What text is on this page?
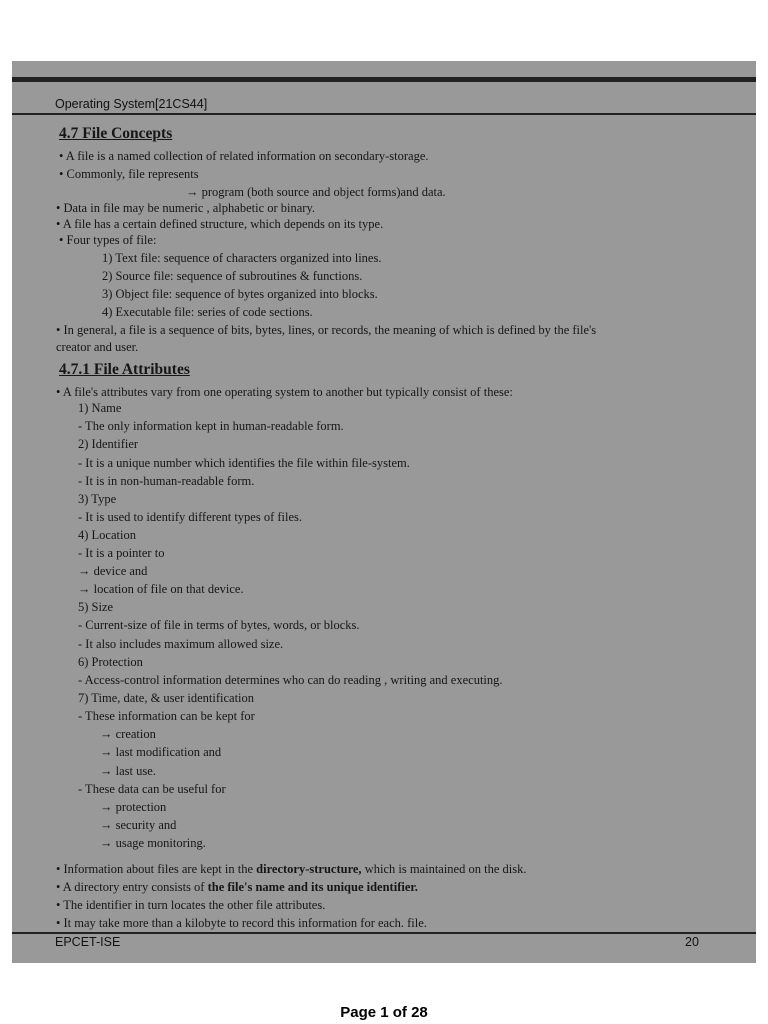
Operating System[21CS44]
4.7 File Concepts
• A file is a named collection of related information on secondary-storage.
• Commonly, file represents
→ program (both source and object forms)and data.
• Data in file may be numeric , alphabetic or binary.
• A file has a certain defined structure, which depends on its type.
• Four types of file:
1) Text file: sequence of characters organized into lines.
2) Source file: sequence of subroutines & functions.
3) Object file: sequence of bytes organized into blocks.
4) Executable file: series of code sections.
• In general, a file is a sequence of bits, bytes, lines, or records, the meaning of which is defined by the file's
creator and user.
4.7.1 File Attributes
• A file's attributes vary from one operating system to another but typically consist of these:
1) Name
- The only information kept in human-readable form.
2) Identifier
- It is a unique number which identifies the file within file-system.
- It is in non-human-readable form.
3) Type
- It is used to identify different types of files.
4) Location
- It is a pointer to
→ device and
→ location of file on that device.
5) Size
- Current-size of file in terms of bytes, words, or blocks.
- It also includes maximum allowed size.
6) Protection
- Access-control information determines who can do reading , writing and executing.
7) Time, date, & user identification
- These information can be kept for
→ creation
→ last modification and
→ last use.
- These data can be useful for
→ protection
→ security and
→ usage monitoring.
• Information about files are kept in the directory-structure, which is maintained on the disk.
• A directory entry consists of the file's name and its unique identifier.
• The identifier in turn locates the other file attributes.
• It may take more than a kilobyte to record this information for each. file.
EPCET-ISE	20
Page 1 of 28
